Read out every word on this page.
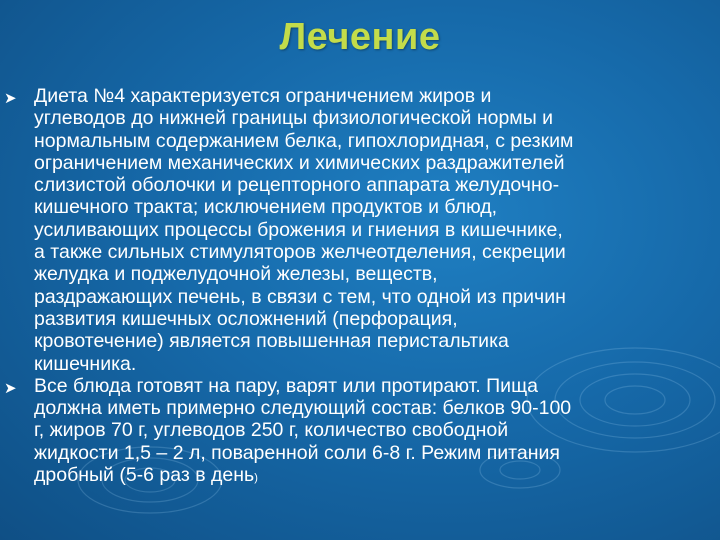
Лечение
➤ Диета №4 характеризуется ограничением жиров и
углеводов до нижней границы физиологической нормы и
нормальным содержанием белка, гипохлоридная, с резким
ограничением механических и химических раздражителей
слизистой оболочки и рецепторного аппарата желудочно-
кишечного тракта; исключением продуктов и блюд,
усиливающих процессы брожения и гниения в кишечнике,
а также сильных стимуляторов желчеотделения, секреции
желудка и поджелудочной железы, веществ,
раздражающих печень, в связи с тем, что одной из причин
развития кишечных осложнений (перфорация,
кровотечение) является повышенная перистальтика
кишечника.
➤ Все блюда готовят на пару, варят или протирают. Пища
должна иметь примерно следующий состав: белков 90-100
г, жиров 70 г, углеводов 250 г, количество свободной
жидкости 1,5 – 2 л, поваренной соли 6-8 г. Режим питания
дробный (5-6 раз в день)
